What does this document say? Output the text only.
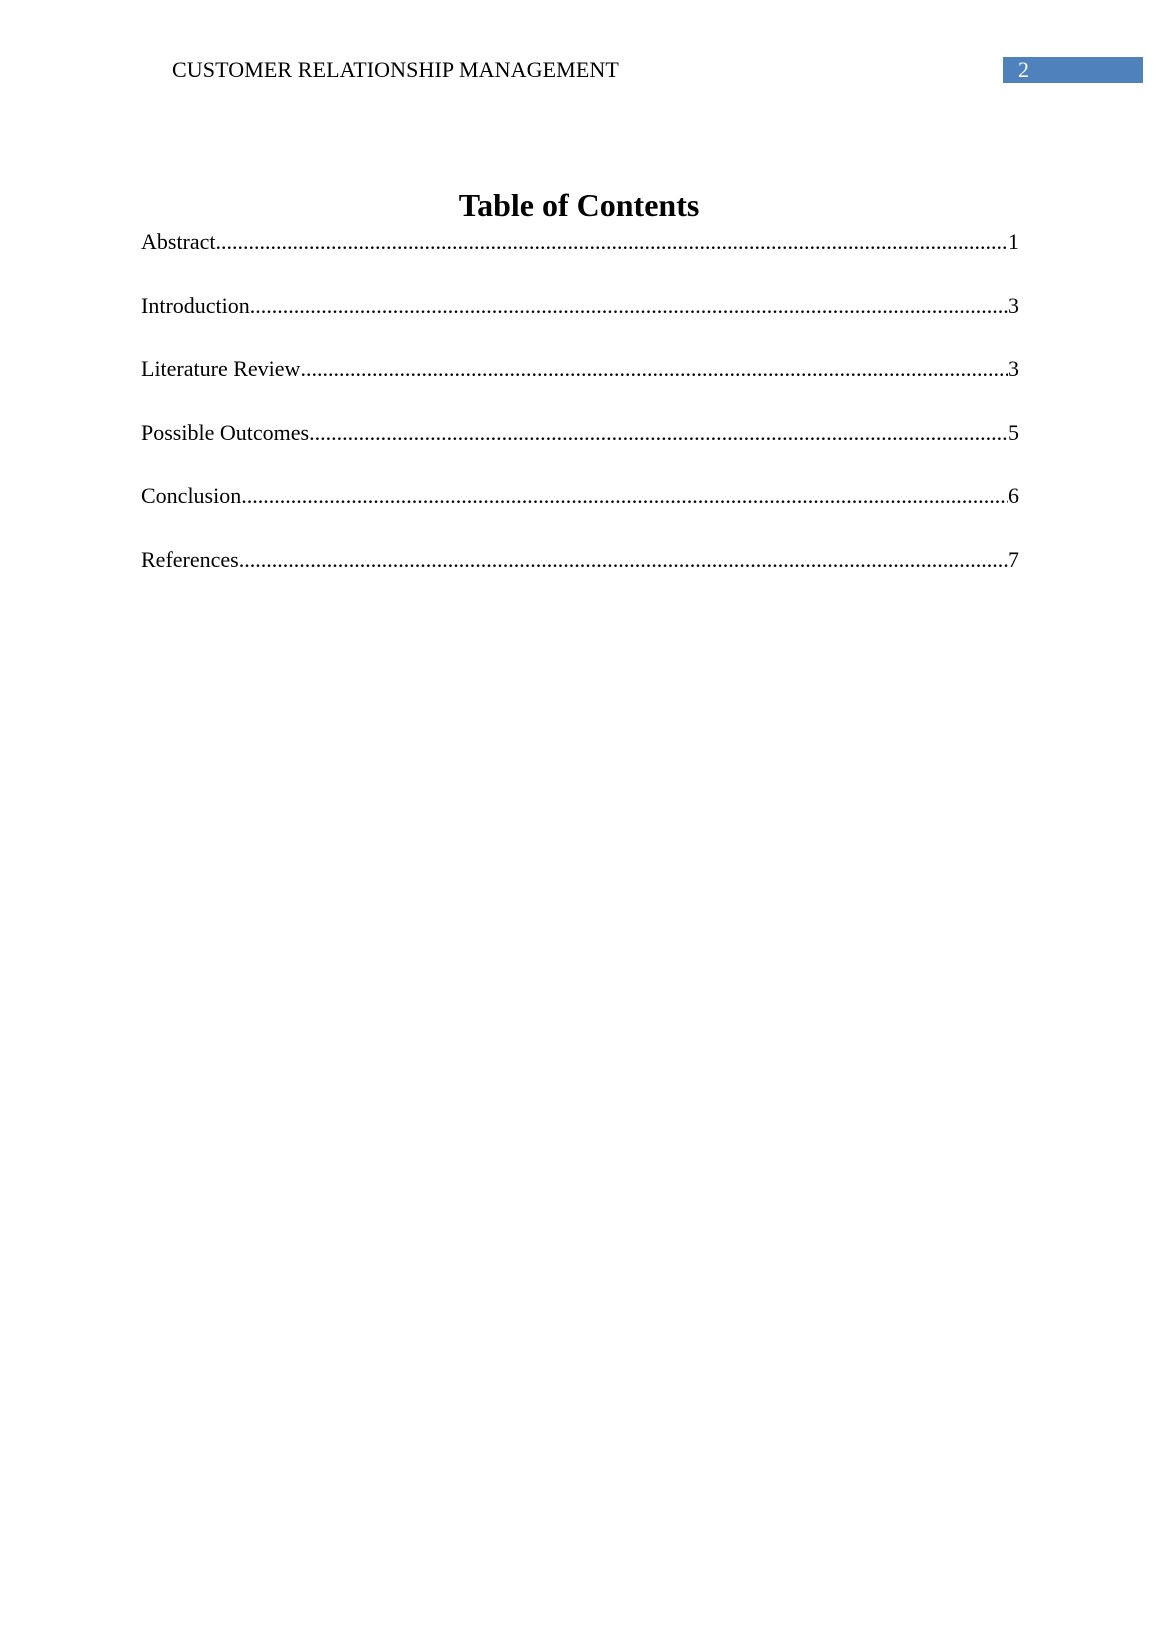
CUSTOMER RELATIONSHIP MANAGEMENT	2
Table of Contents
Abstract .....	1
Introduction .....	3
Literature Review .....	3
Possible Outcomes .....	5
Conclusion .....	6
References .....	7
